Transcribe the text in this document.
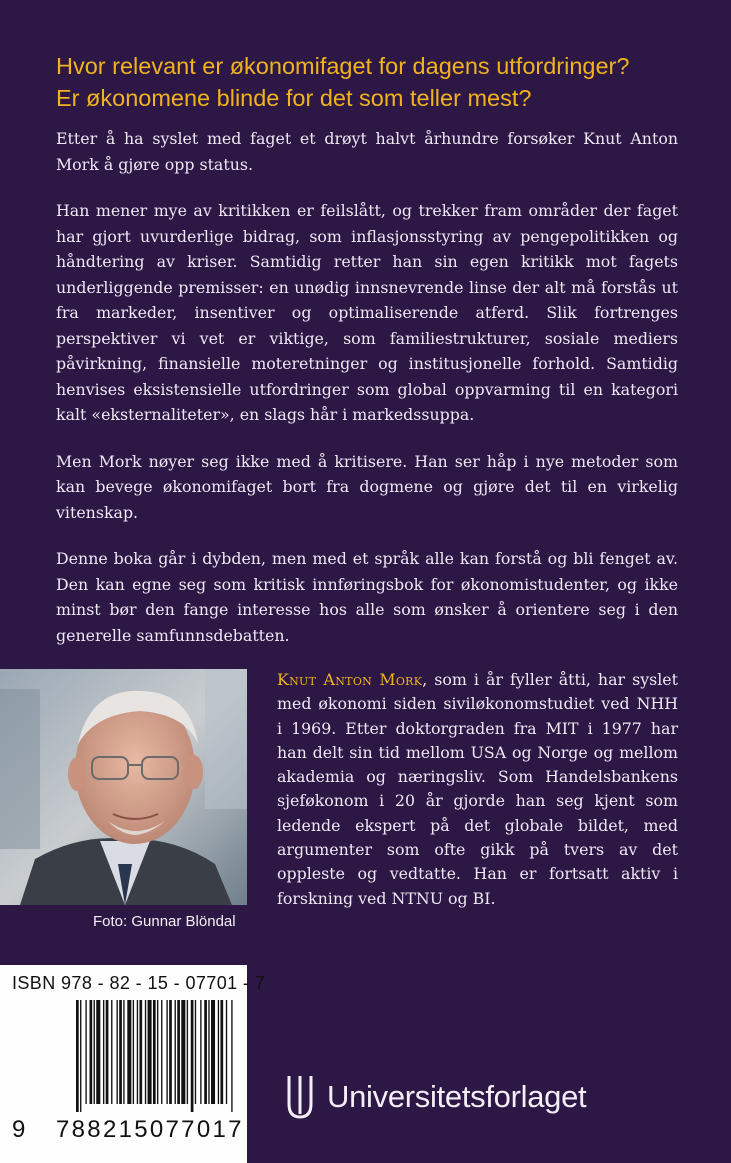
Hvor relevant er økonomifaget for dagens utfordringer?
Er økonomene blinde for det som teller mest?

Etter å ha syslet med faget et drøyt halvt århundre forsøker Knut Anton Mork å gjøre opp status.

Han mener mye av kritikken er feilslått, og trekker fram områder der faget har gjort uvurderlige bidrag, som inflasjonsstyring av pengepolitikken og håndtering av kriser. Samtidig retter han sin egen kritikk mot fagets underliggende premisser: en unødig innsnevrende linse der alt må forstås ut fra markeder, insentiver og optimaliserende atferd. Slik fortrenges perspektiver vi vet er viktige, som familiestrukturer, sosiale mediers påvirkning, finansielle moteretninger og institusjonelle forhold. Samtidig henvises eksistensielle utfordringer som global oppvarming til en kategori kalt «eksternaliteter», en slags hår i markedssuppa.

Men Mork nøyer seg ikke med å kritisere. Han ser håp i nye metoder som kan bevege økonomifaget bort fra dogmene og gjøre det til en virkelig vitenskap.

Denne boka går i dybden, men med et språk alle kan forstå og bli fenget av. Den kan egne seg som kritisk innføringsbok for økonomistudenter, og ikke minst bør den fange interesse hos alle som ønsker å orientere seg i den generelle samfunnsdebatten.

Foto: Gunnar Blöndal

Knut Anton Mork, som i år fyller åtti, har syslet med økonomi siden siviløkonomstudiet ved NHH i 1969. Etter doktorgraden fra MIT i 1977 har han delt sin tid mellom USA og Norge og mellom akademia og næringsliv. Som Handelsbankens sjeføkonom i 20 år gjorde han seg kjent som ledende ekspert på det globale bildet, med argumenter som ofte gikk på tvers av det oppleste og vedtatte. Han er fortsatt aktiv i forskning ved NTNU og BI.

ISBN 978 - 82 - 15 - 07701 - 7
9 788215077017
Universitetsforlaget
